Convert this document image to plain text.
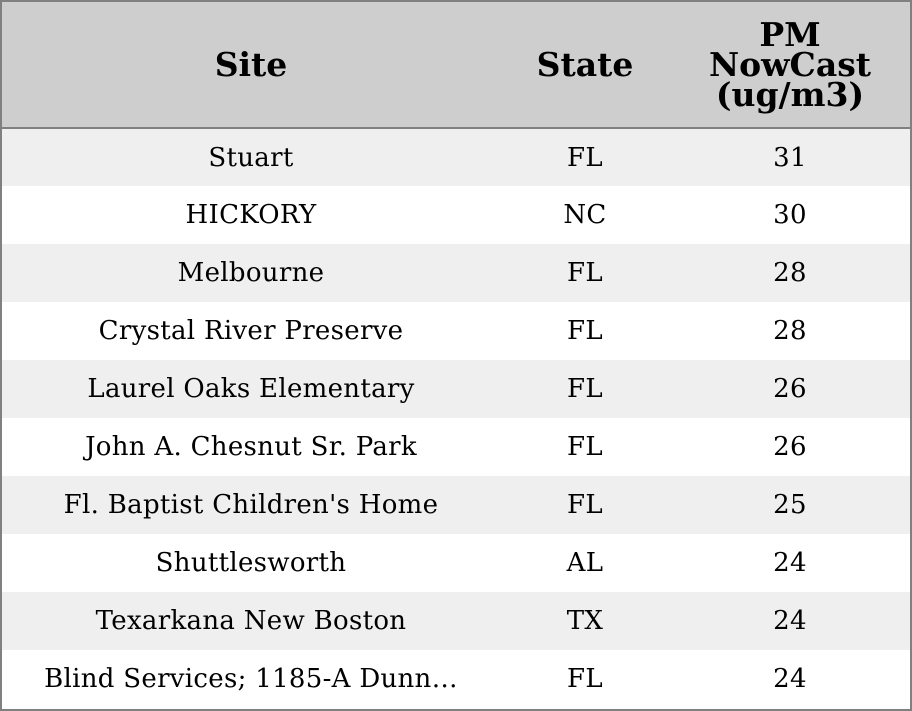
Site	State	PM
NowCast
(ug/m3)

Stuart	FL	31
HICKORY	NC	30
Melbourne	FL	28
Crystal River Preserve	FL	28
Laurel Oaks Elementary	FL	26
John A. Chesnut Sr. Park	FL	26
Fl. Baptist Children's Home	FL	25
Shuttlesworth	AL	24
Texarkana New Boston	TX	24
Blind Services; 1185-A Dunn…	FL	24
